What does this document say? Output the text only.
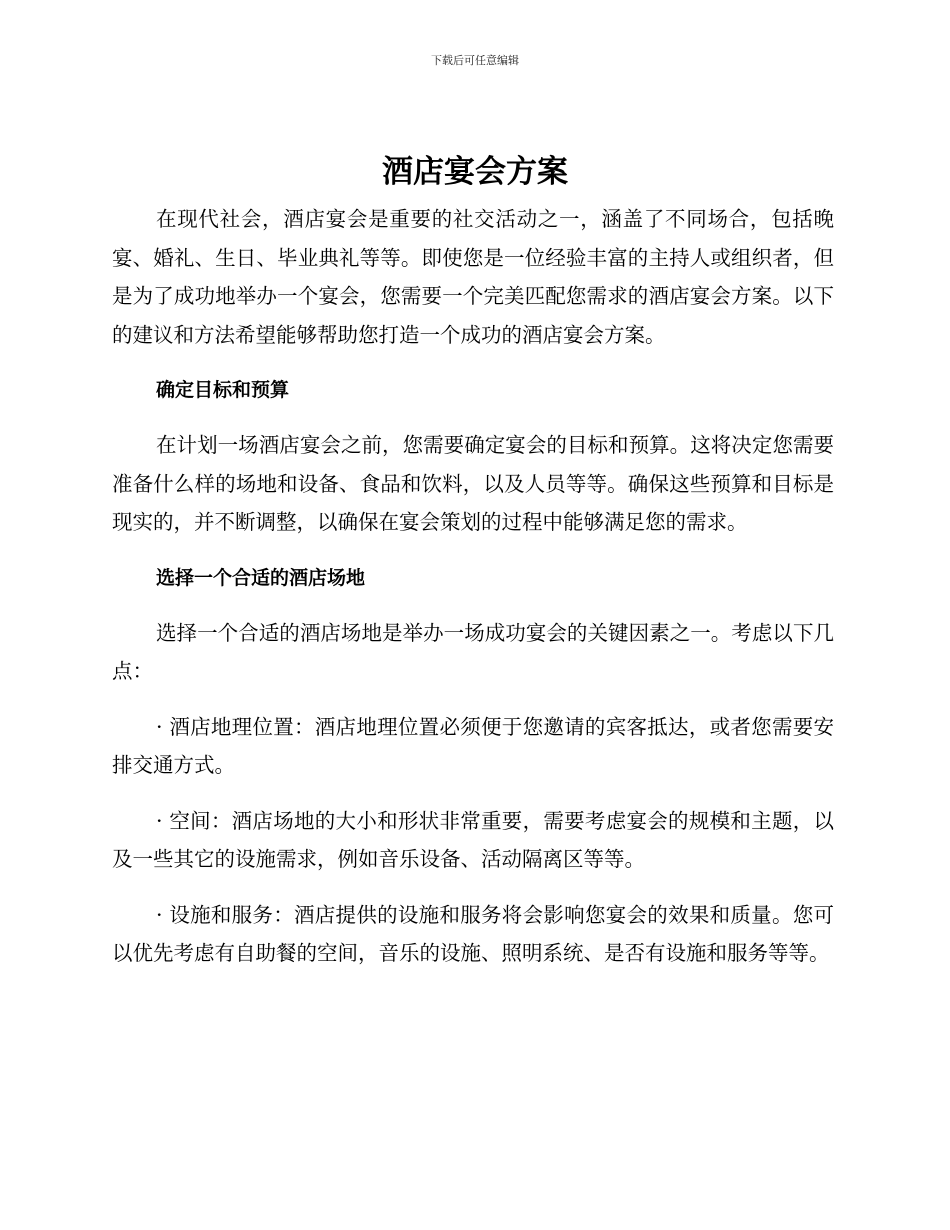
下载后可任意编辑
酒店宴会方案

在现代社会，酒店宴会是重要的社交活动之一，涵盖了不同场合，包括晚宴、婚礼、生日、毕业典礼等等。即使您是一位经验丰富的主持人或组织者，但是为了成功地举办一个宴会，您需要一个完美匹配您需求的酒店宴会方案。以下的建议和方法希望能够帮助您打造一个成功的酒店宴会方案。

确定目标和预算

在计划一场酒店宴会之前，您需要确定宴会的目标和预算。这将决定您需要准备什么样的场地和设备、食品和饮料，以及人员等等。确保这些预算和目标是现实的，并不断调整，以确保在宴会策划的过程中能够满足您的需求。

选择一个合适的酒店场地

选择一个合适的酒店场地是举办一场成功宴会的关键因素之一。考虑以下几点：

· 酒店地理位置：酒店地理位置必须便于您邀请的宾客抵达，或者您需要安排交通方式。

· 空间：酒店场地的大小和形状非常重要，需要考虑宴会的规模和主题，以及一些其它的设施需求，例如音乐设备、活动隔离区等等。

· 设施和服务：酒店提供的设施和服务将会影响您宴会的效果和质量。您可以优先考虑有自助餐的空间，音乐的设施、照明系统、是否有设施和服务等等。
